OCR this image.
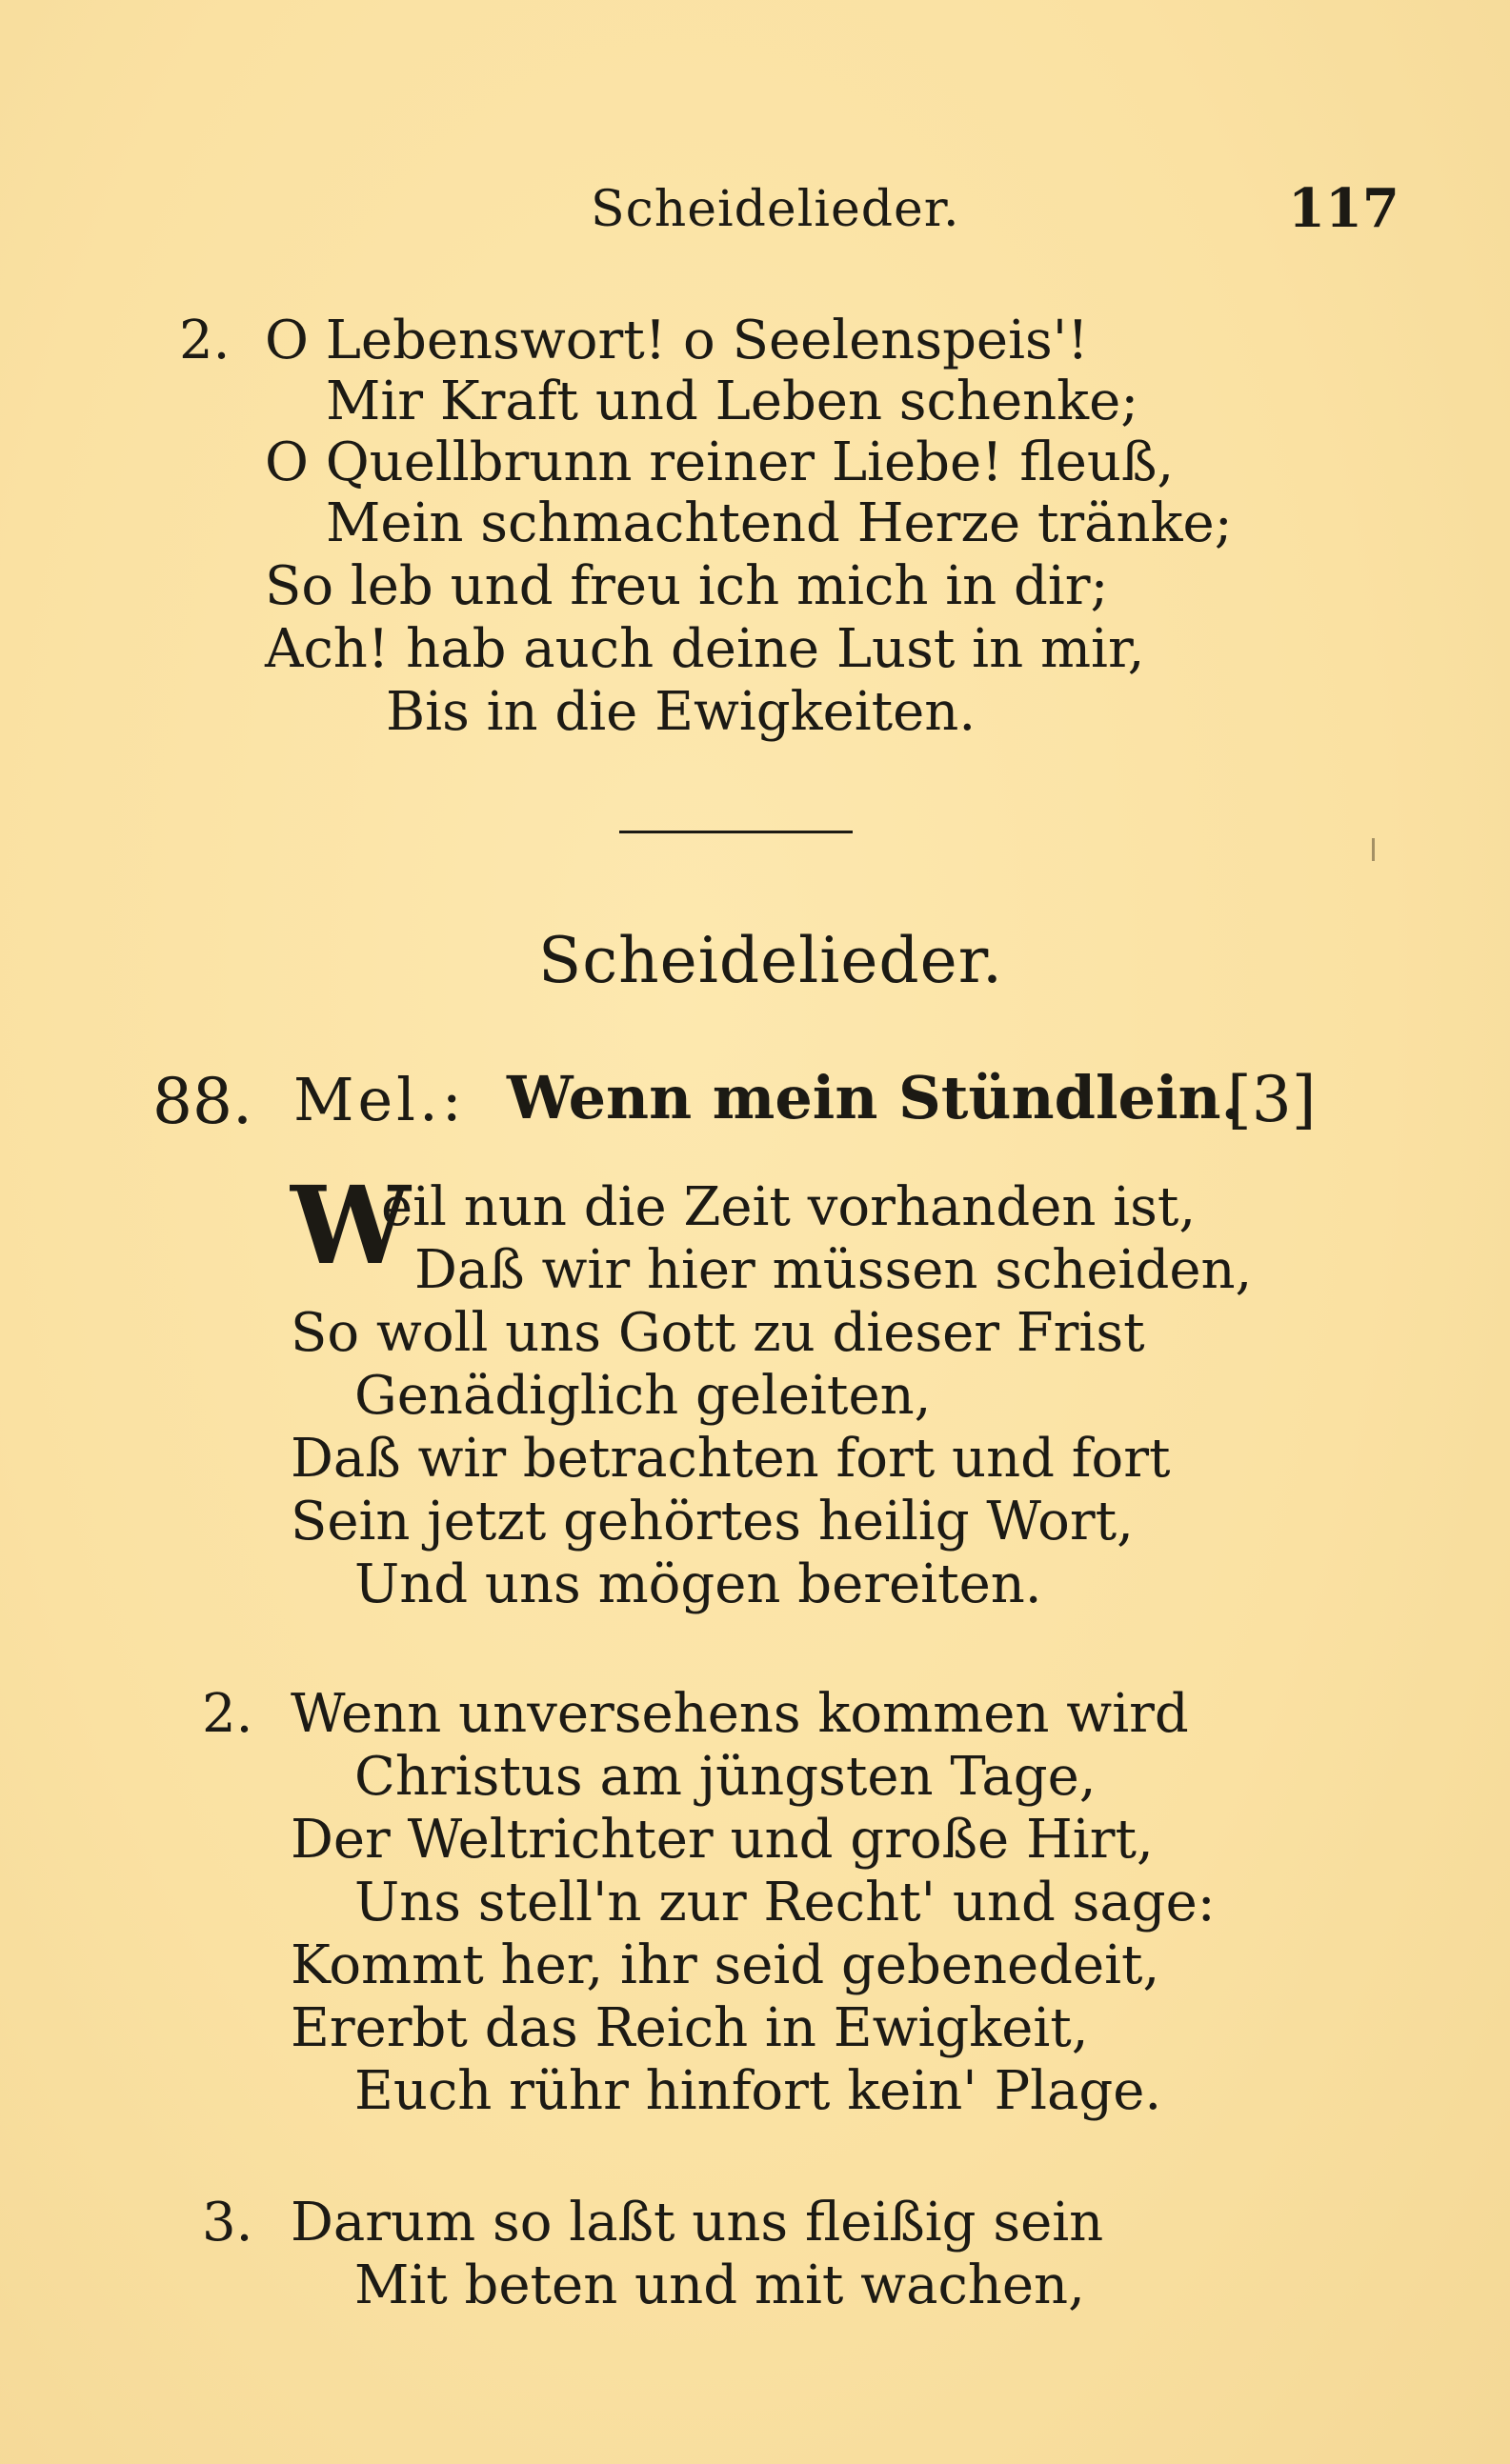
Scheidelieder.	117
2. O Lebenswort! o Seelenspeis'!
Mir Kraft und Leben schenke;
O Quellbrunn reiner Liebe! fleuß,
Mein schmachtend Herze tränke;
So leb und freu ich mich in dir;
Ach! hab auch deine Lust in mir,
Bis in die Ewigkeiten.
Scheidelieder.
88. Mel.: Wenn mein Stündlein.
[3]
W
eil nun die Zeit vorhanden ist,
Daß wir hier müssen scheiden,
So woll uns Gott zu dieser Frist
Genädiglich geleiten,
Daß wir betrachten fort und fort
Sein jetzt gehörtes heilig Wort,
Und uns mögen bereiten.
2. Wenn unversehens kommen wird
Christus am jüngsten Tage,
Der Weltrichter und große Hirt,
Uns stell'n zur Recht' und sage:
Kommt her, ihr seid gebenedeit,
Ererbt das Reich in Ewigkeit,
Euch rühr hinfort kein' Plage.
3. Darum so laßt uns fleißig sein
Mit beten und mit wachen,
